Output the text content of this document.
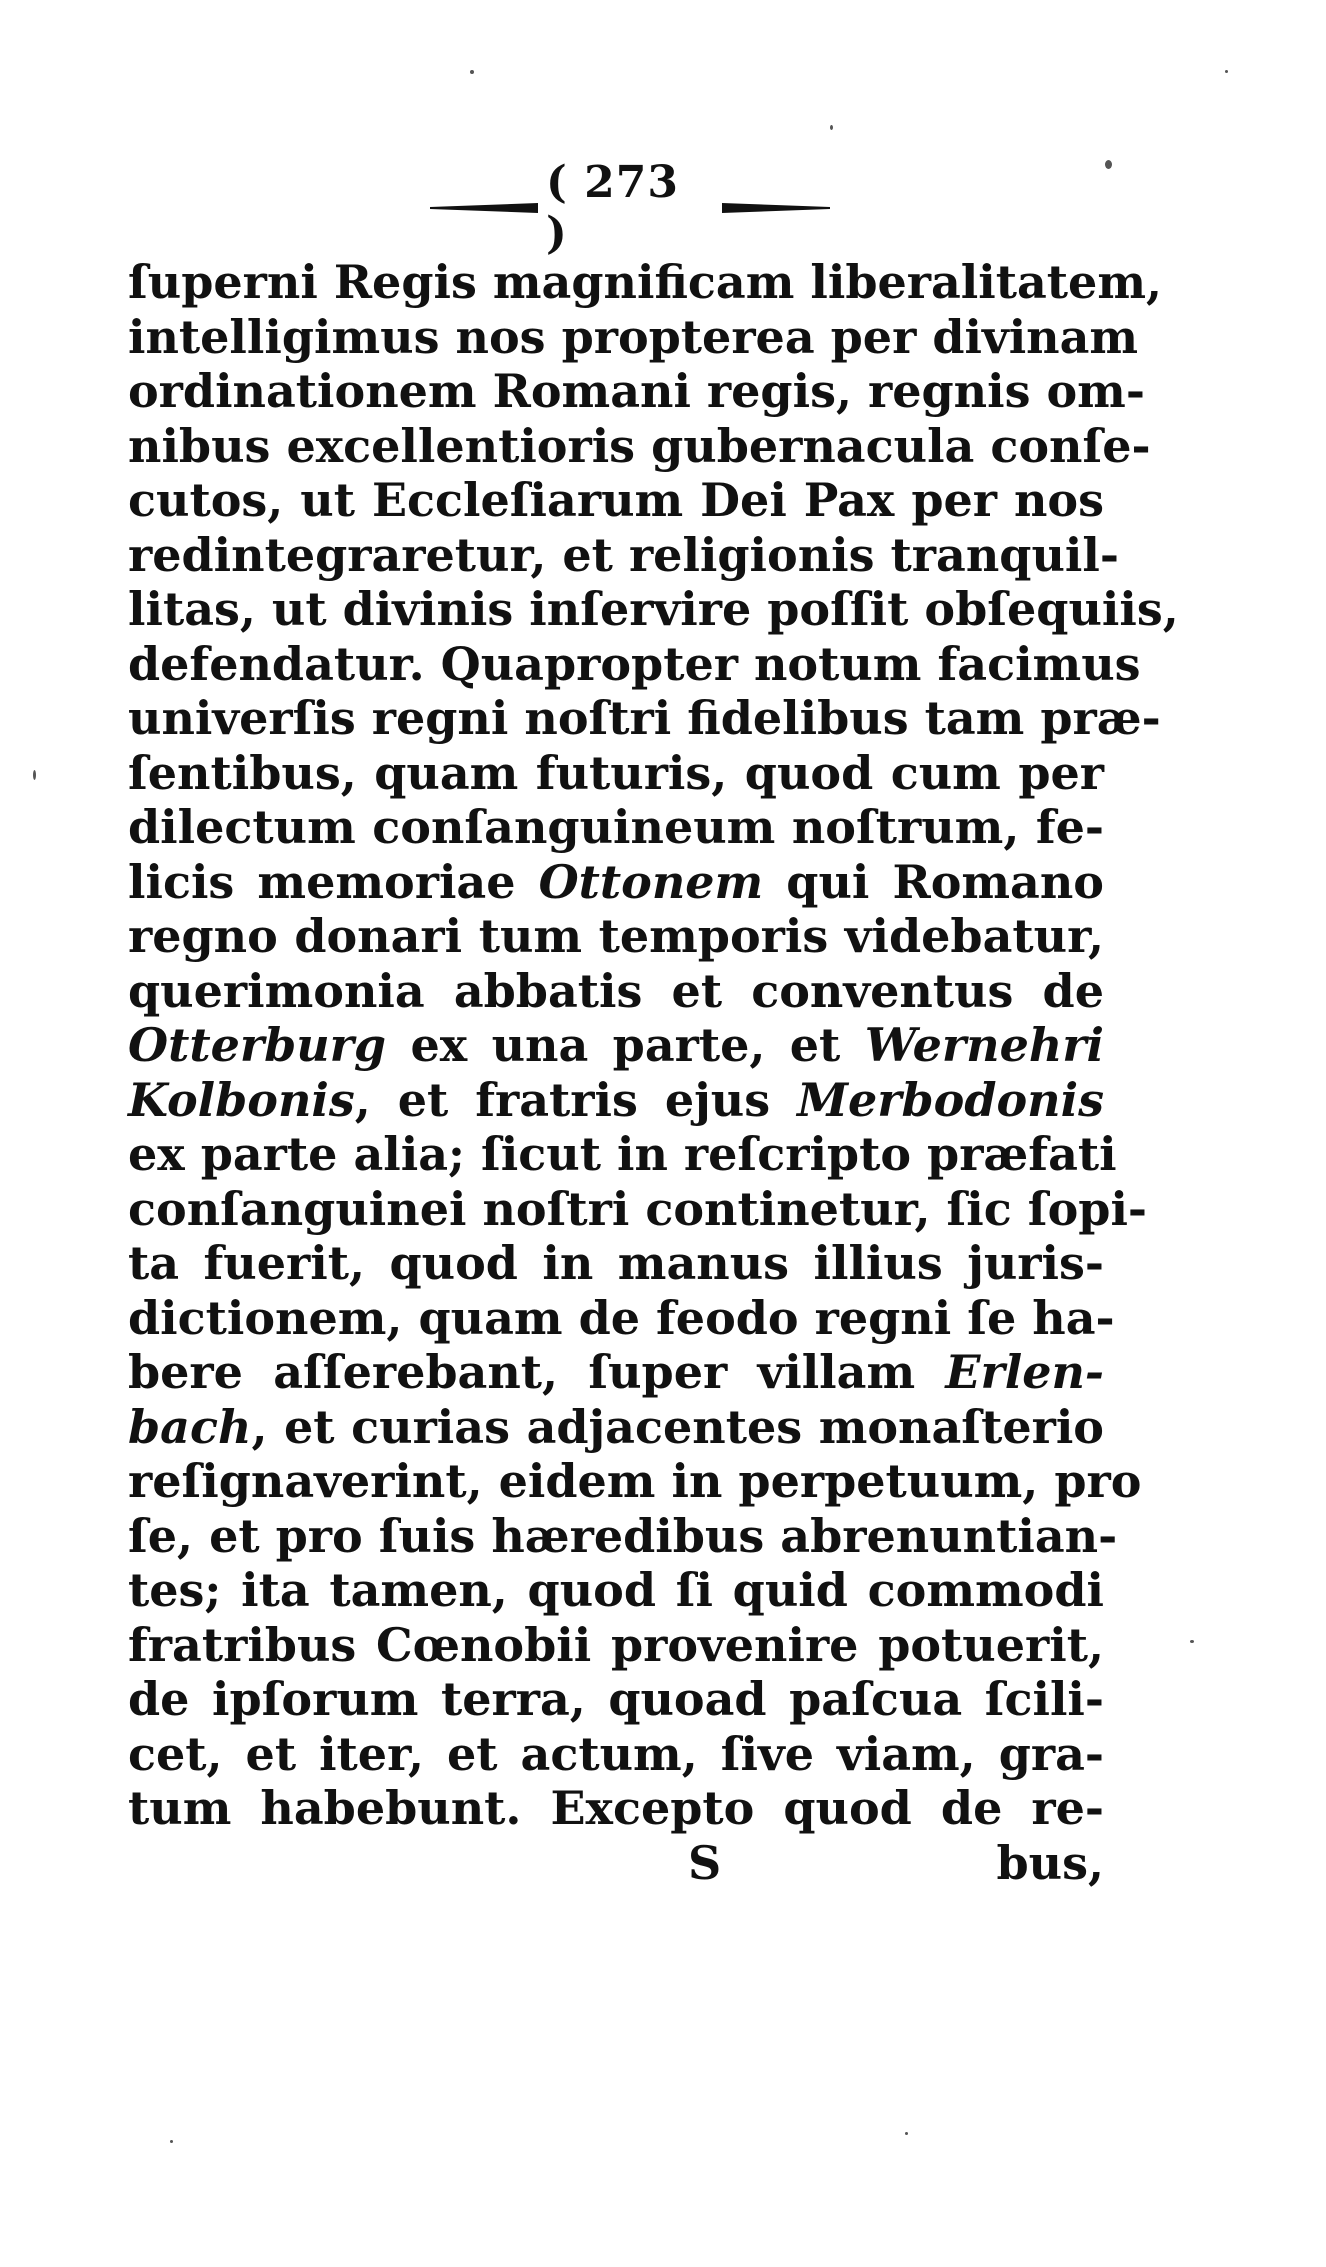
( 273 )
ſuperni Regis magnificam liberalitatem,
intelligimus nos propterea per divinam
ordinationem Romani regis, regnis om-
nibus excellentioris gubernacula conſe-
cutos, ut Eccleſiarum Dei Pax per nos
redintegraretur, et religionis tranquil-
litas, ut divinis inſervire poſſit obſequiis,
defendatur. Quapropter notum facimus
univerſis regni noſtri fidelibus tam præ-
ſentibus, quam futuris, quod cum per
dilectum conſanguineum noſtrum, fe-
licis memoriae Ottonem qui Romano
regno donari tum temporis videbatur,
querimonia abbatis et conventus de
Otterburg ex una parte, et Wernehri
Kolbonis, et fratris ejus Merbodonis
ex parte alia; ſicut in reſcripto præfati
conſanguinei noſtri continetur, ſic ſopi-
ta fuerit, quod in manus illius juris-
dictionem, quam de feodo regni ſe ha-
bere aſſerebant, ſuper villam Erlen-
bach, et curias adjacentes monaſterio
reſignaverint, eidem in perpetuum, pro
ſe, et pro ſuis hæredibus abrenuntian-
tes; ita tamen, quod ſi quid commodi
fratribus Cœnobii provenire potuerit,
de ipſorum terra, quoad paſcua ſcili-
cet, et iter, et actum, ſive viam, gra-
tum habebunt. Excepto quod de re-
S	bus,
